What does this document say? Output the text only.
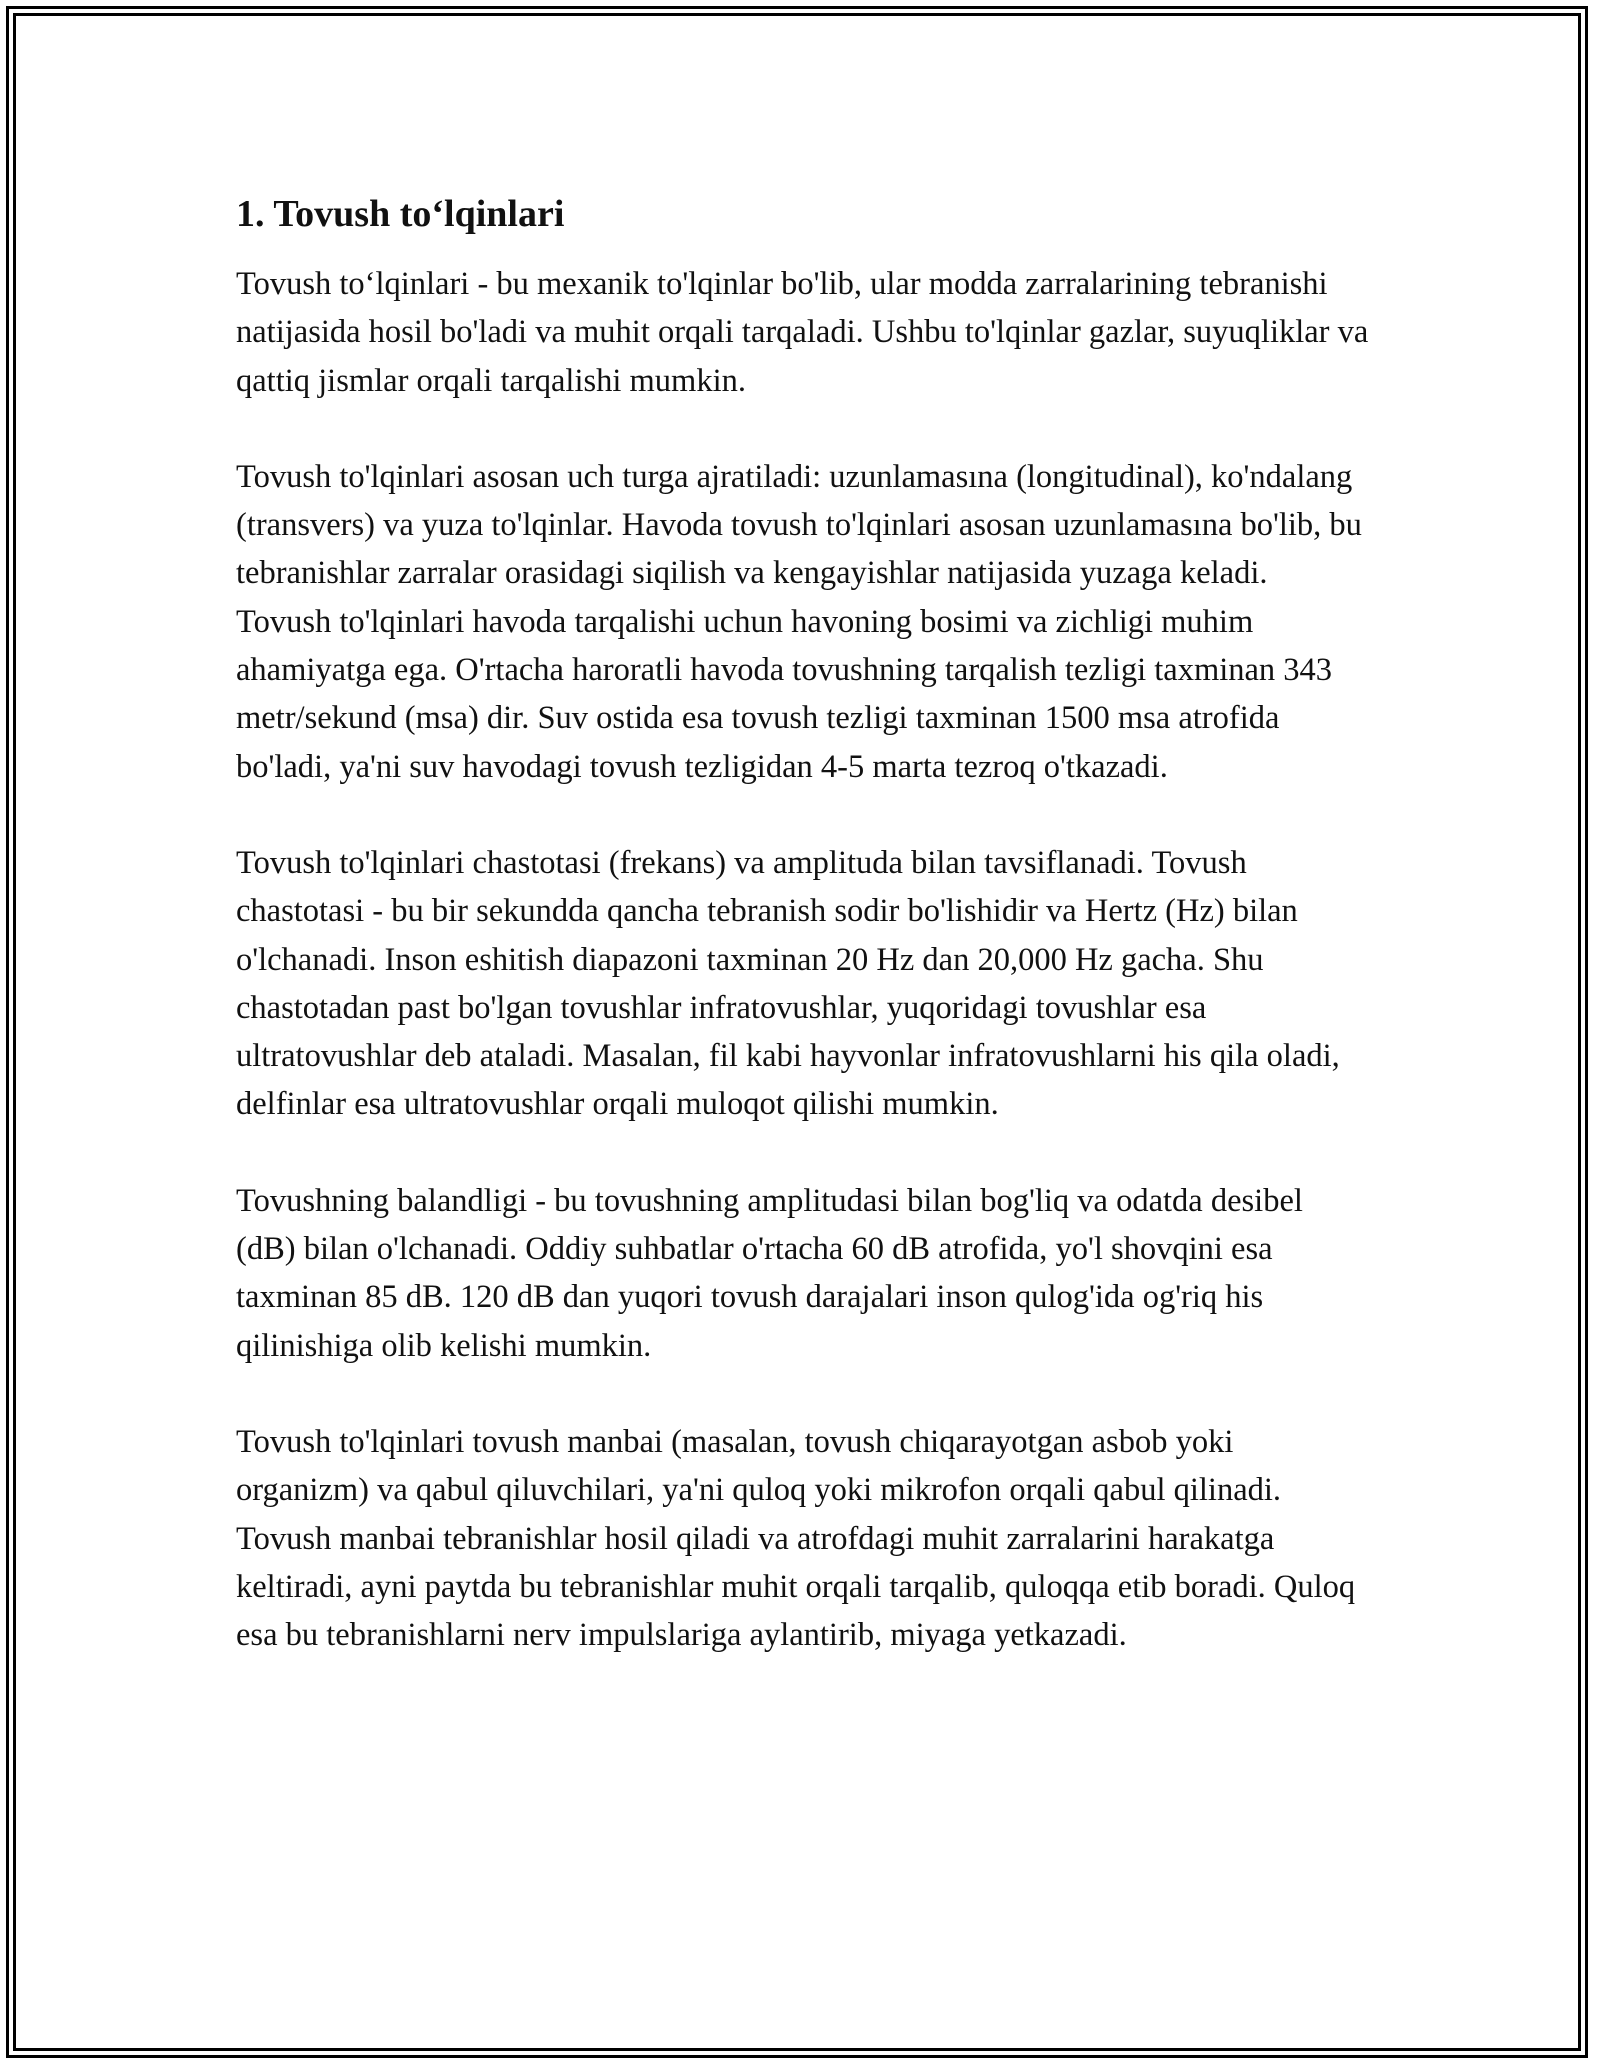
1. Tovush to‘lqinlari

Tovush to‘lqinlari - bu mexanik to'lqinlar bo'lib, ular modda zarralarining tebranishi natijasida hosil bo'ladi va muhit orqali tarqaladi. Ushbu to'lqinlar gazlar, suyuqliklar va qattiq jismlar orqali tarqalishi mumkin.

Tovush to'lqinlari asosan uch turga ajratiladi: uzunlamasına (longitudinal), ko'ndalang (transvers) va yuza to'lqinlar. Havoda tovush to'lqinlari asosan uzunlamasına bo'lib, bu tebranishlar zarralar orasidagi siqilish va kengayishlar natijasida yuzaga keladi. Tovush to'lqinlari havoda tarqalishi uchun havoning bosimi va zichligi muhim ahamiyatga ega. O'rtacha haroratli havoda tovushning tarqalish tezligi taxminan 343 metr/sekund (msa) dir. Suv ostida esa tovush tezligi taxminan 1500 msa atrofida bo'ladi, ya'ni suv havodagi tovush tezligidan 4-5 marta tezroq o'tkazadi.

Tovush to'lqinlari chastotasi (frekans) va amplituda bilan tavsiflanadi. Tovush chastotasi - bu bir sekundda qancha tebranish sodir bo'lishidir va Hertz (Hz) bilan o'lchanadi. Inson eshitish diapazoni taxminan 20 Hz dan 20,000 Hz gacha. Shu chastotadan past bo'lgan tovushlar infratovushlar, yuqoridagi tovushlar esa ultratovushlar deb ataladi. Masalan, fil kabi hayvonlar infratovushlarni his qila oladi, delfinlar esa ultratovushlar orqali muloqot qilishi mumkin.

Tovushning balandligi - bu tovushning amplitudasi bilan bog'liq va odatda desibel (dB) bilan o'lchanadi. Oddiy suhbatlar o'rtacha 60 dB atrofida, yo'l shovqini esa taxminan 85 dB. 120 dB dan yuqori tovush darajalari inson qulog'ida og'riq his qilinishiga olib kelishi mumkin.

Tovush to'lqinlari tovush manbai (masalan, tovush chiqarayotgan asbob yoki organizm) va qabul qiluvchilari, ya'ni quloq yoki mikrofon orqali qabul qilinadi. Tovush manbai tebranishlar hosil qiladi va atrofdagi muhit zarralarini harakatga keltiradi, ayni paytda bu tebranishlar muhit orqali tarqalib, quloqqa etib boradi. Quloq esa bu tebranishlarni nerv impulslariga aylantirib, miyaga yetkazadi.
